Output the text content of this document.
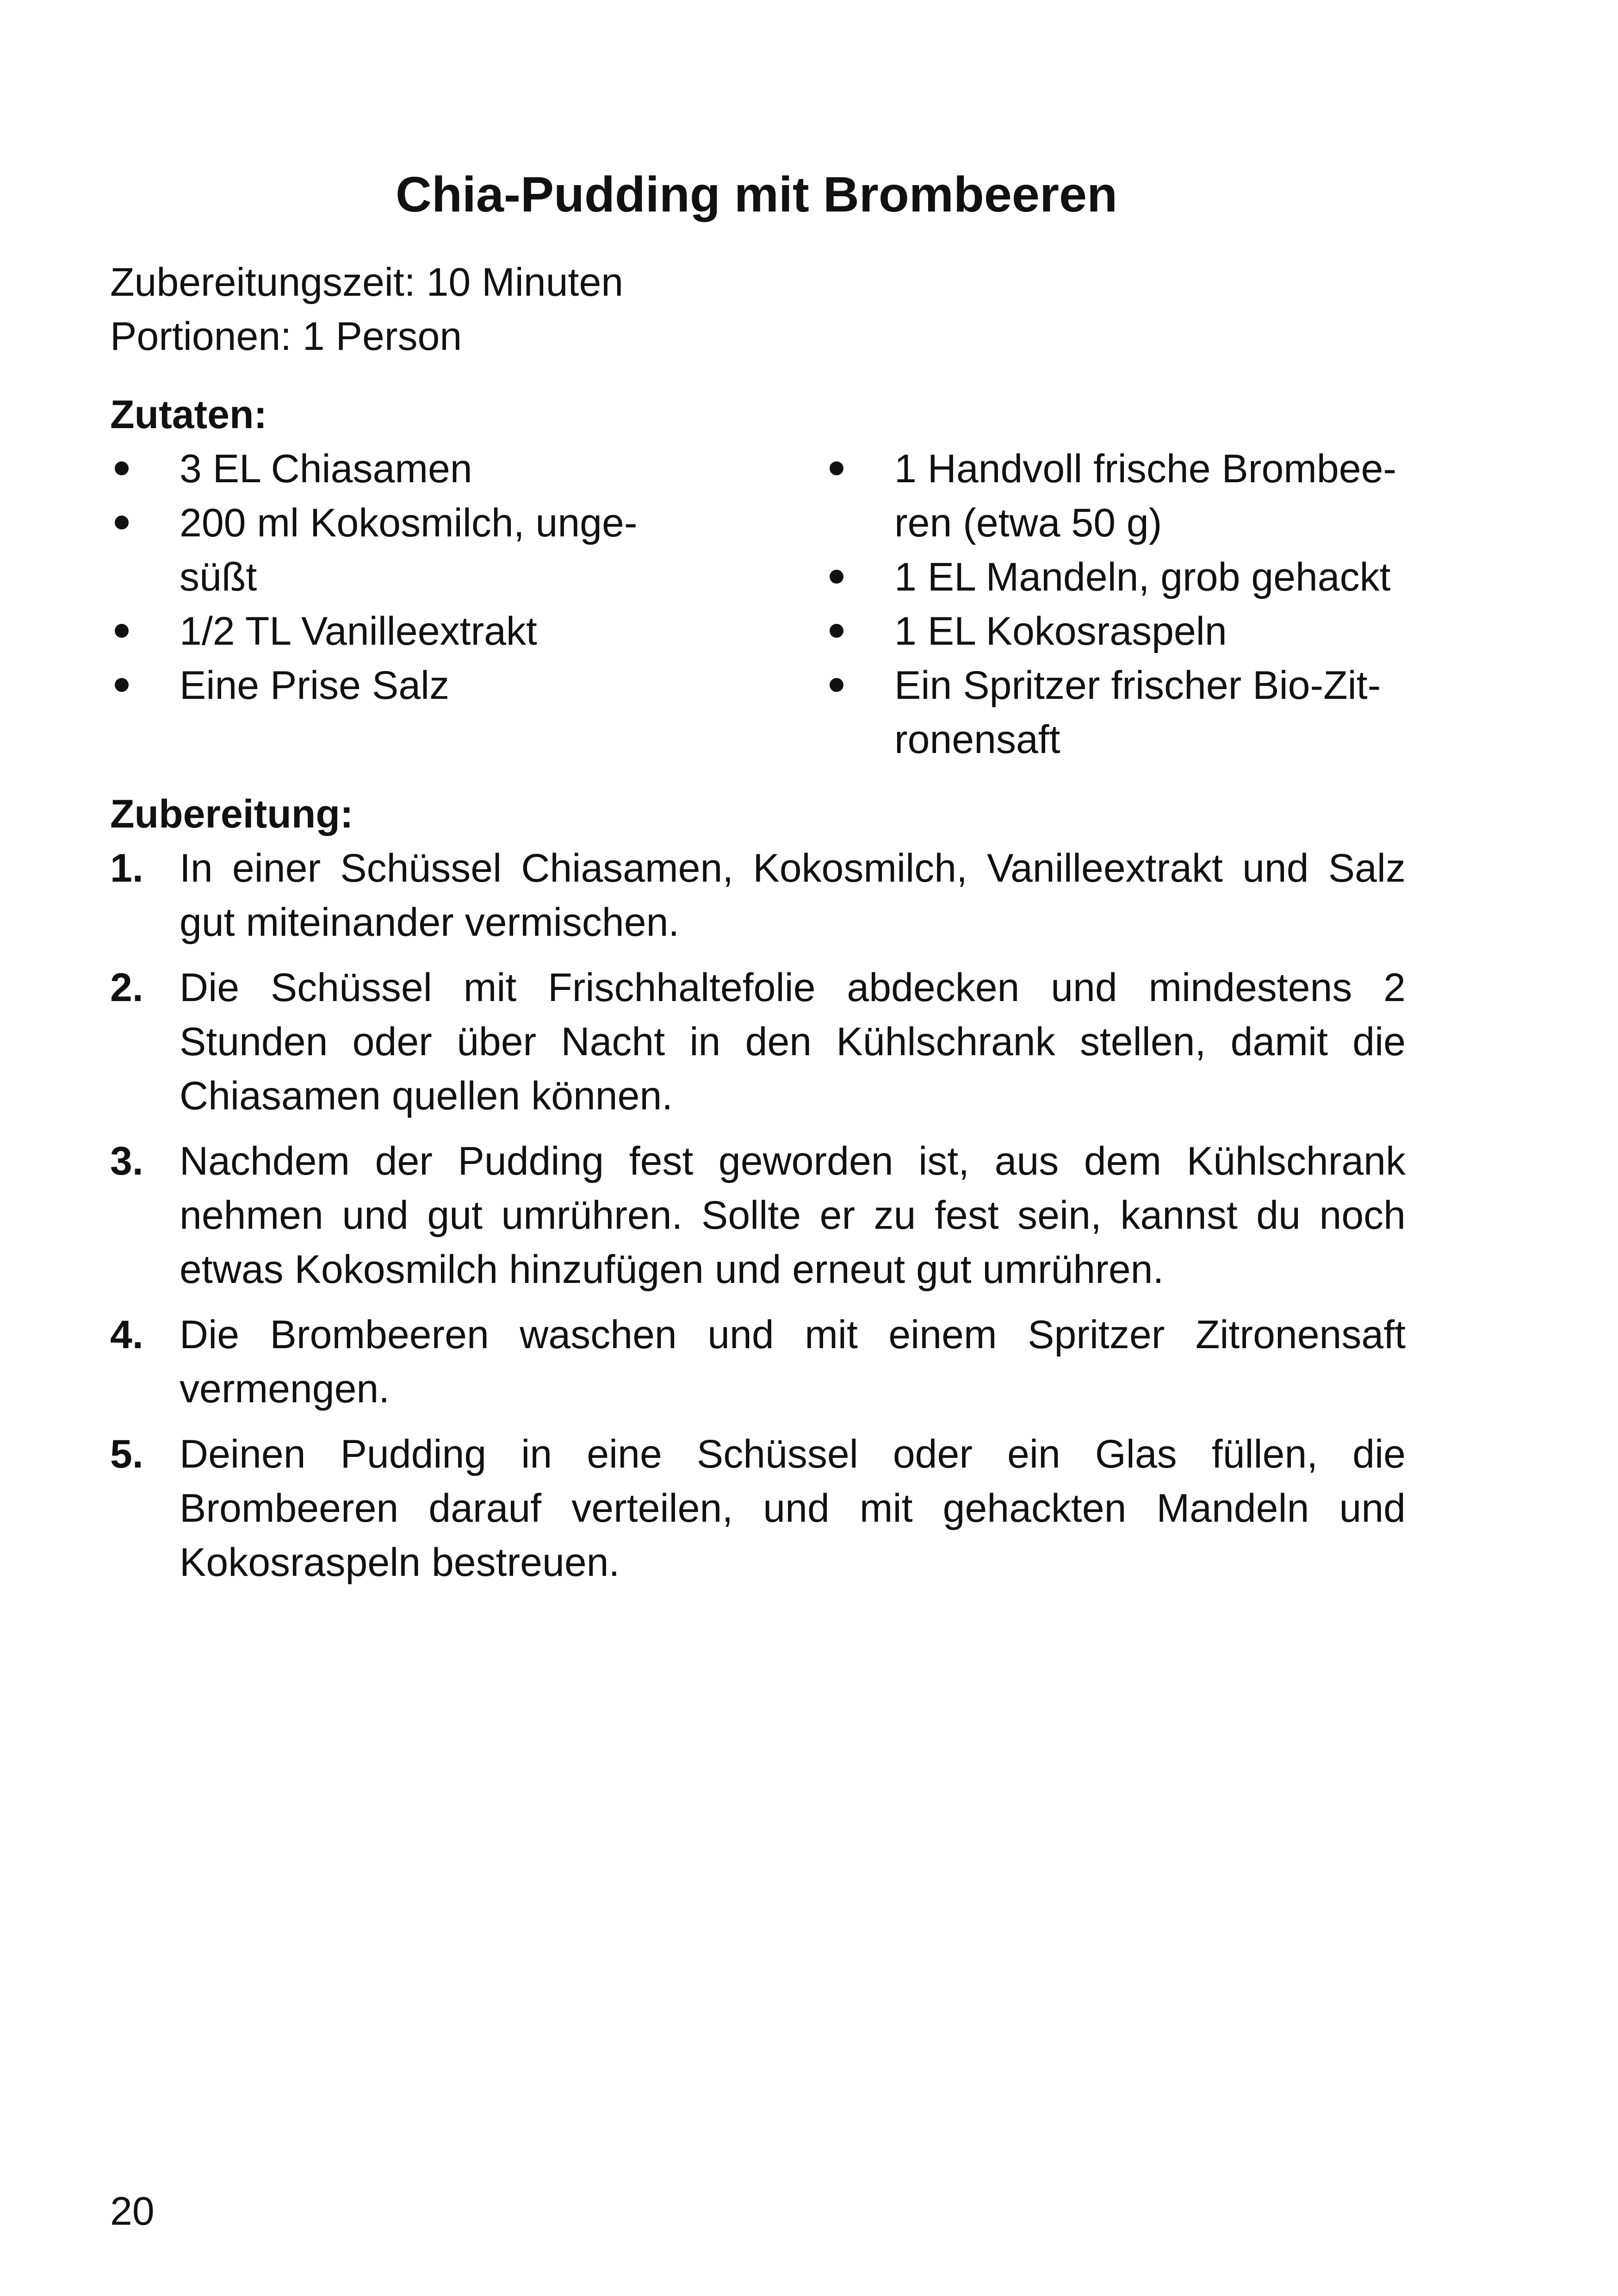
Chia-Pudding mit Brombeeren
Zubereitungszeit: 10 Minuten
Portionen: 1 Person
Zutaten:
3 EL Chiasamen
200 ml Kokosmilch, unge-
süßt
1/2 TL Vanilleextrakt
Eine Prise Salz
1 Handvoll frische Brombee-
ren (etwa 50 g)
1 EL Mandeln, grob gehackt
1 EL Kokosraspeln
Ein Spritzer frischer Bio-Zit-
ronensaft
Zubereitung:
1. In einer Schüssel Chiasamen, Kokosmilch, Vanilleextrakt und Salz gut miteinander vermischen.
2. Die Schüssel mit Frischhaltefolie abdecken und mindestens 2 Stunden oder über Nacht in den Kühlschrank stellen, damit die Chiasamen quellen können.
3. Nachdem der Pudding fest geworden ist, aus dem Kühlschrank nehmen und gut umrühren. Sollte er zu fest sein, kannst du noch etwas Kokosmilch hinzufügen und erneut gut umrühren.
4. Die Brombeeren waschen und mit einem Spritzer Zitronensaft vermengen.
5. Deinen Pudding in eine Schüssel oder ein Glas füllen, die Brombeeren darauf verteilen, und mit gehackten Mandeln und Kokosraspeln bestreuen.
20
